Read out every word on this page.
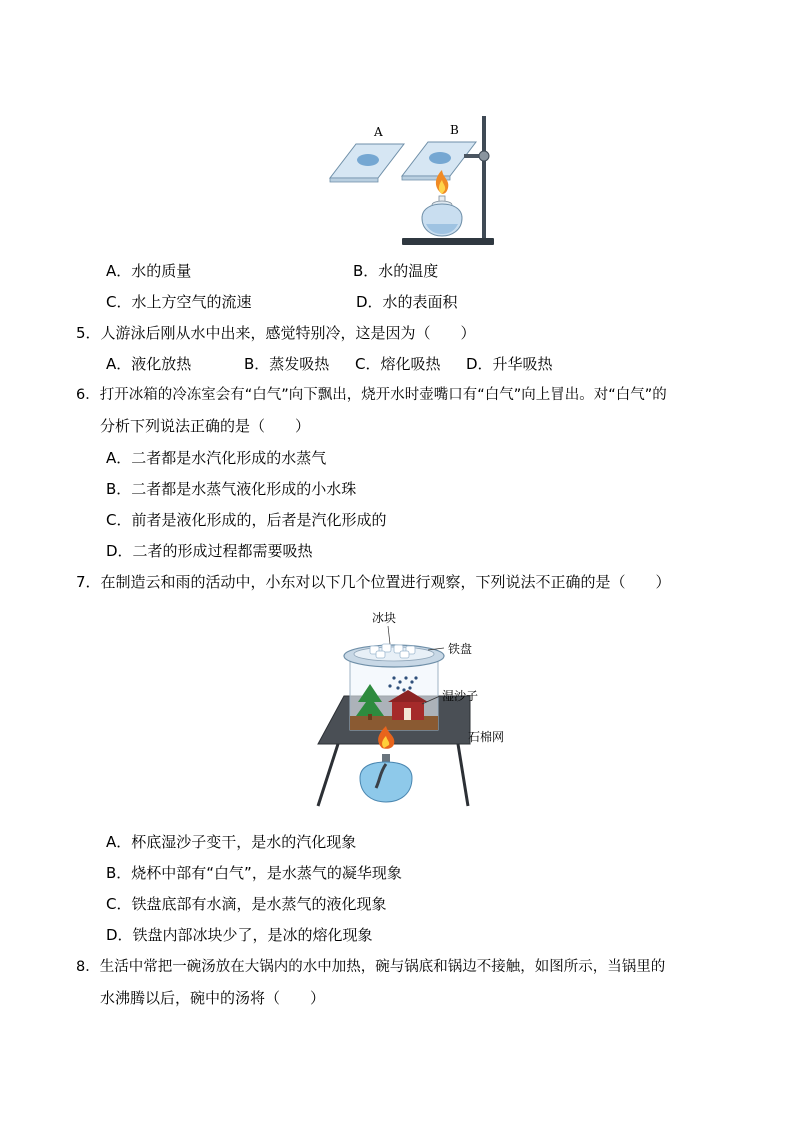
A	B
A．水的质量	B．水的温度
C．水上方空气的流速	D．水的表面积
5．人游泳后刚从水中出来，感觉特别冷，这是因为（　　）
A．液化放热	B．蒸发吸热 C．熔化吸热 D．升华吸热
6．打开冰箱的冷冻室会有“白气”向下飘出，烧开水时壶嘴口有“白气”向上冒出。对“白气”的
分析下列说法正确的是（　　）
A．二者都是水汽化形成的水蒸气
B．二者都是水蒸气液化形成的小水珠
C．前者是液化形成的，后者是汽化形成的
D．二者的形成过程都需要吸热
7．在制造云和雨的活动中，小东对以下几个位置进行观察，下列说法不正确的是（　　）
冰块
铁盘
湿沙子
石棉网
A．杯底湿沙子变干，是水的汽化现象
B．烧杯中部有“白气”，是水蒸气的凝华现象
C．铁盘底部有水滴，是水蒸气的液化现象
D．铁盘内部冰块少了，是冰的熔化现象
8．生活中常把一碗汤放在大锅内的水中加热，碗与锅底和锅边不接触，如图所示，当锅里的
水沸腾以后，碗中的汤将（　　）
